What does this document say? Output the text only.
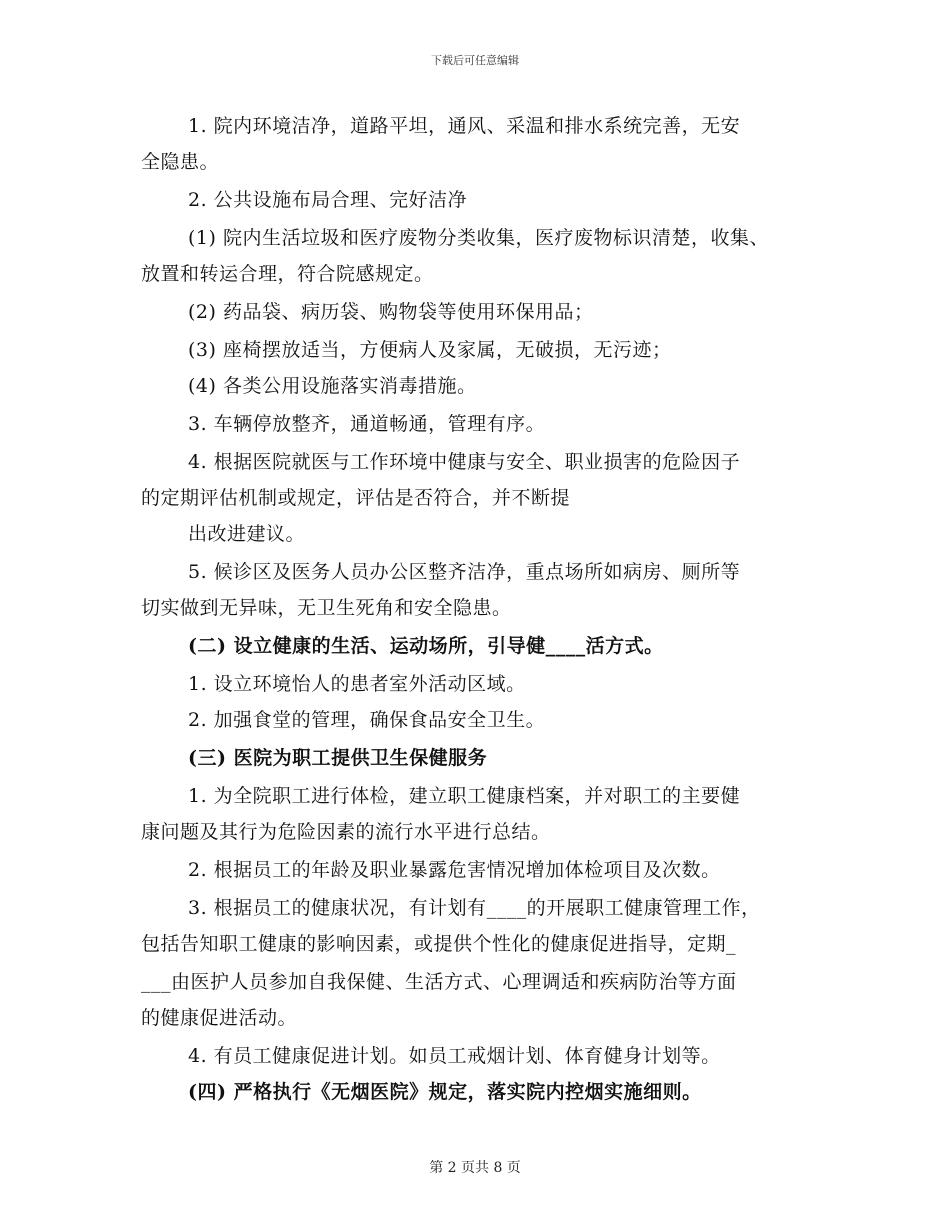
下载后可任意编辑
1. 院内环境洁净，道路平坦，通风、采温和排水系统完善，无安
全隐患。
2. 公共设施布局合理、完好洁净
(1) 院内生活垃圾和医疗废物分类收集，医疗废物标识清楚，收集、
放置和转运合理，符合院感规定。
(2) 药品袋、病历袋、购物袋等使用环保用品；
(3) 座椅摆放适当，方便病人及家属，无破损，无污迹；
(4) 各类公用设施落实消毒措施。
3. 车辆停放整齐，通道畅通，管理有序。
4. 根据医院就医与工作环境中健康与安全、职业损害的危险因子
的定期评估机制或规定，评估是否符合，并不断提
出改进建议。
5. 候诊区及医务人员办公区整齐洁净，重点场所如病房、厕所等
切实做到无异味，无卫生死角和安全隐患。
(二) 设立健康的生活、运动场所，引导健____活方式。
1. 设立环境怡人的患者室外活动区域。
2. 加强食堂的管理，确保食品安全卫生。
(三) 医院为职工提供卫生保健服务
1. 为全院职工进行体检，建立职工健康档案，并对职工的主要健
康问题及其行为危险因素的流行水平进行总结。
2. 根据员工的年龄及职业暴露危害情况增加体检项目及次数。
3. 根据员工的健康状况，有计划有____的开展职工健康管理工作，
包括告知职工健康的影响因素，或提供个性化的健康促进指导，定期_
___由医护人员参加自我保健、生活方式、心理调适和疾病防治等方面
的健康促进活动。
4. 有员工健康促进计划。如员工戒烟计划、体育健身计划等。
(四) 严格执行《无烟医院》规定，落实院内控烟实施细则。
第 2 页共 8 页
